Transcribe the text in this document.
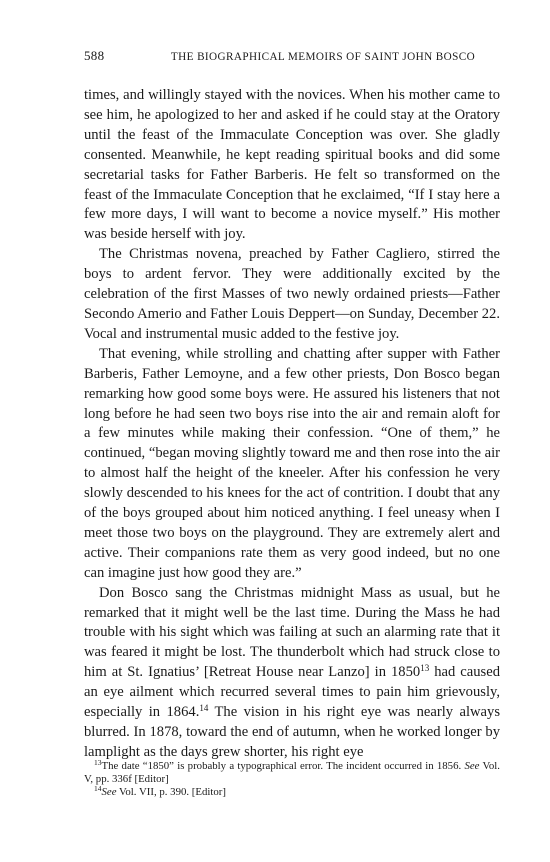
588	THE BIOGRAPHICAL MEMOIRS OF SAINT JOHN BOSCO

times, and willingly stayed with the novices. When his mother came to see him, he apologized to her and asked if he could stay at the Oratory until the feast of the Immaculate Conception was over. She gladly consented. Meanwhile, he kept reading spiritual books and did some secretarial tasks for Father Barberis. He felt so transformed on the feast of the Immaculate Conception that he exclaimed, “If I stay here a few more days, I will want to become a novice myself.” His mother was beside herself with joy.

The Christmas novena, preached by Father Cagliero, stirred the boys to ardent fervor. They were additionally excited by the celebration of the first Masses of two newly ordained priests—Father Secondo Amerio and Father Louis Deppert—on Sunday, December 22. Vocal and instrumental music added to the festive joy.

That evening, while strolling and chatting after supper with Father Barberis, Father Lemoyne, and a few other priests, Don Bosco began remarking how good some boys were. He assured his listeners that not long before he had seen two boys rise into the air and remain aloft for a few minutes while making their confession. “One of them,” he continued, “began moving slightly toward me and then rose into the air to almost half the height of the kneeler. After his confession he very slowly descended to his knees for the act of contrition. I doubt that any of the boys grouped about him noticed anything. I feel uneasy when I meet those two boys on the playground. They are extremely alert and active. Their companions rate them as very good indeed, but no one can imagine just how good they are.”

Don Bosco sang the Christmas midnight Mass as usual, but he remarked that it might well be the last time. During the Mass he had trouble with his sight which was failing at such an alarming rate that it was feared it might be lost. The thunderbolt which had struck close to him at St. Ignatius’ [Retreat House near Lanzo] in 1850$^{13}$ had caused an eye ailment which recurred several times to pain him grievously, especially in 1864.14 The vision in his right eye was nearly always blurred. In 1878, toward the end of autumn, when he worked longer by lamplight as the days grew shorter, his right eye

$^{13}$The date “1850” is probably a typographical error. The incident occurred in 1856. See Vol. V, pp. 336f [Editor]

$^{14}$See Vol. VII, p. 390. [Editor]
